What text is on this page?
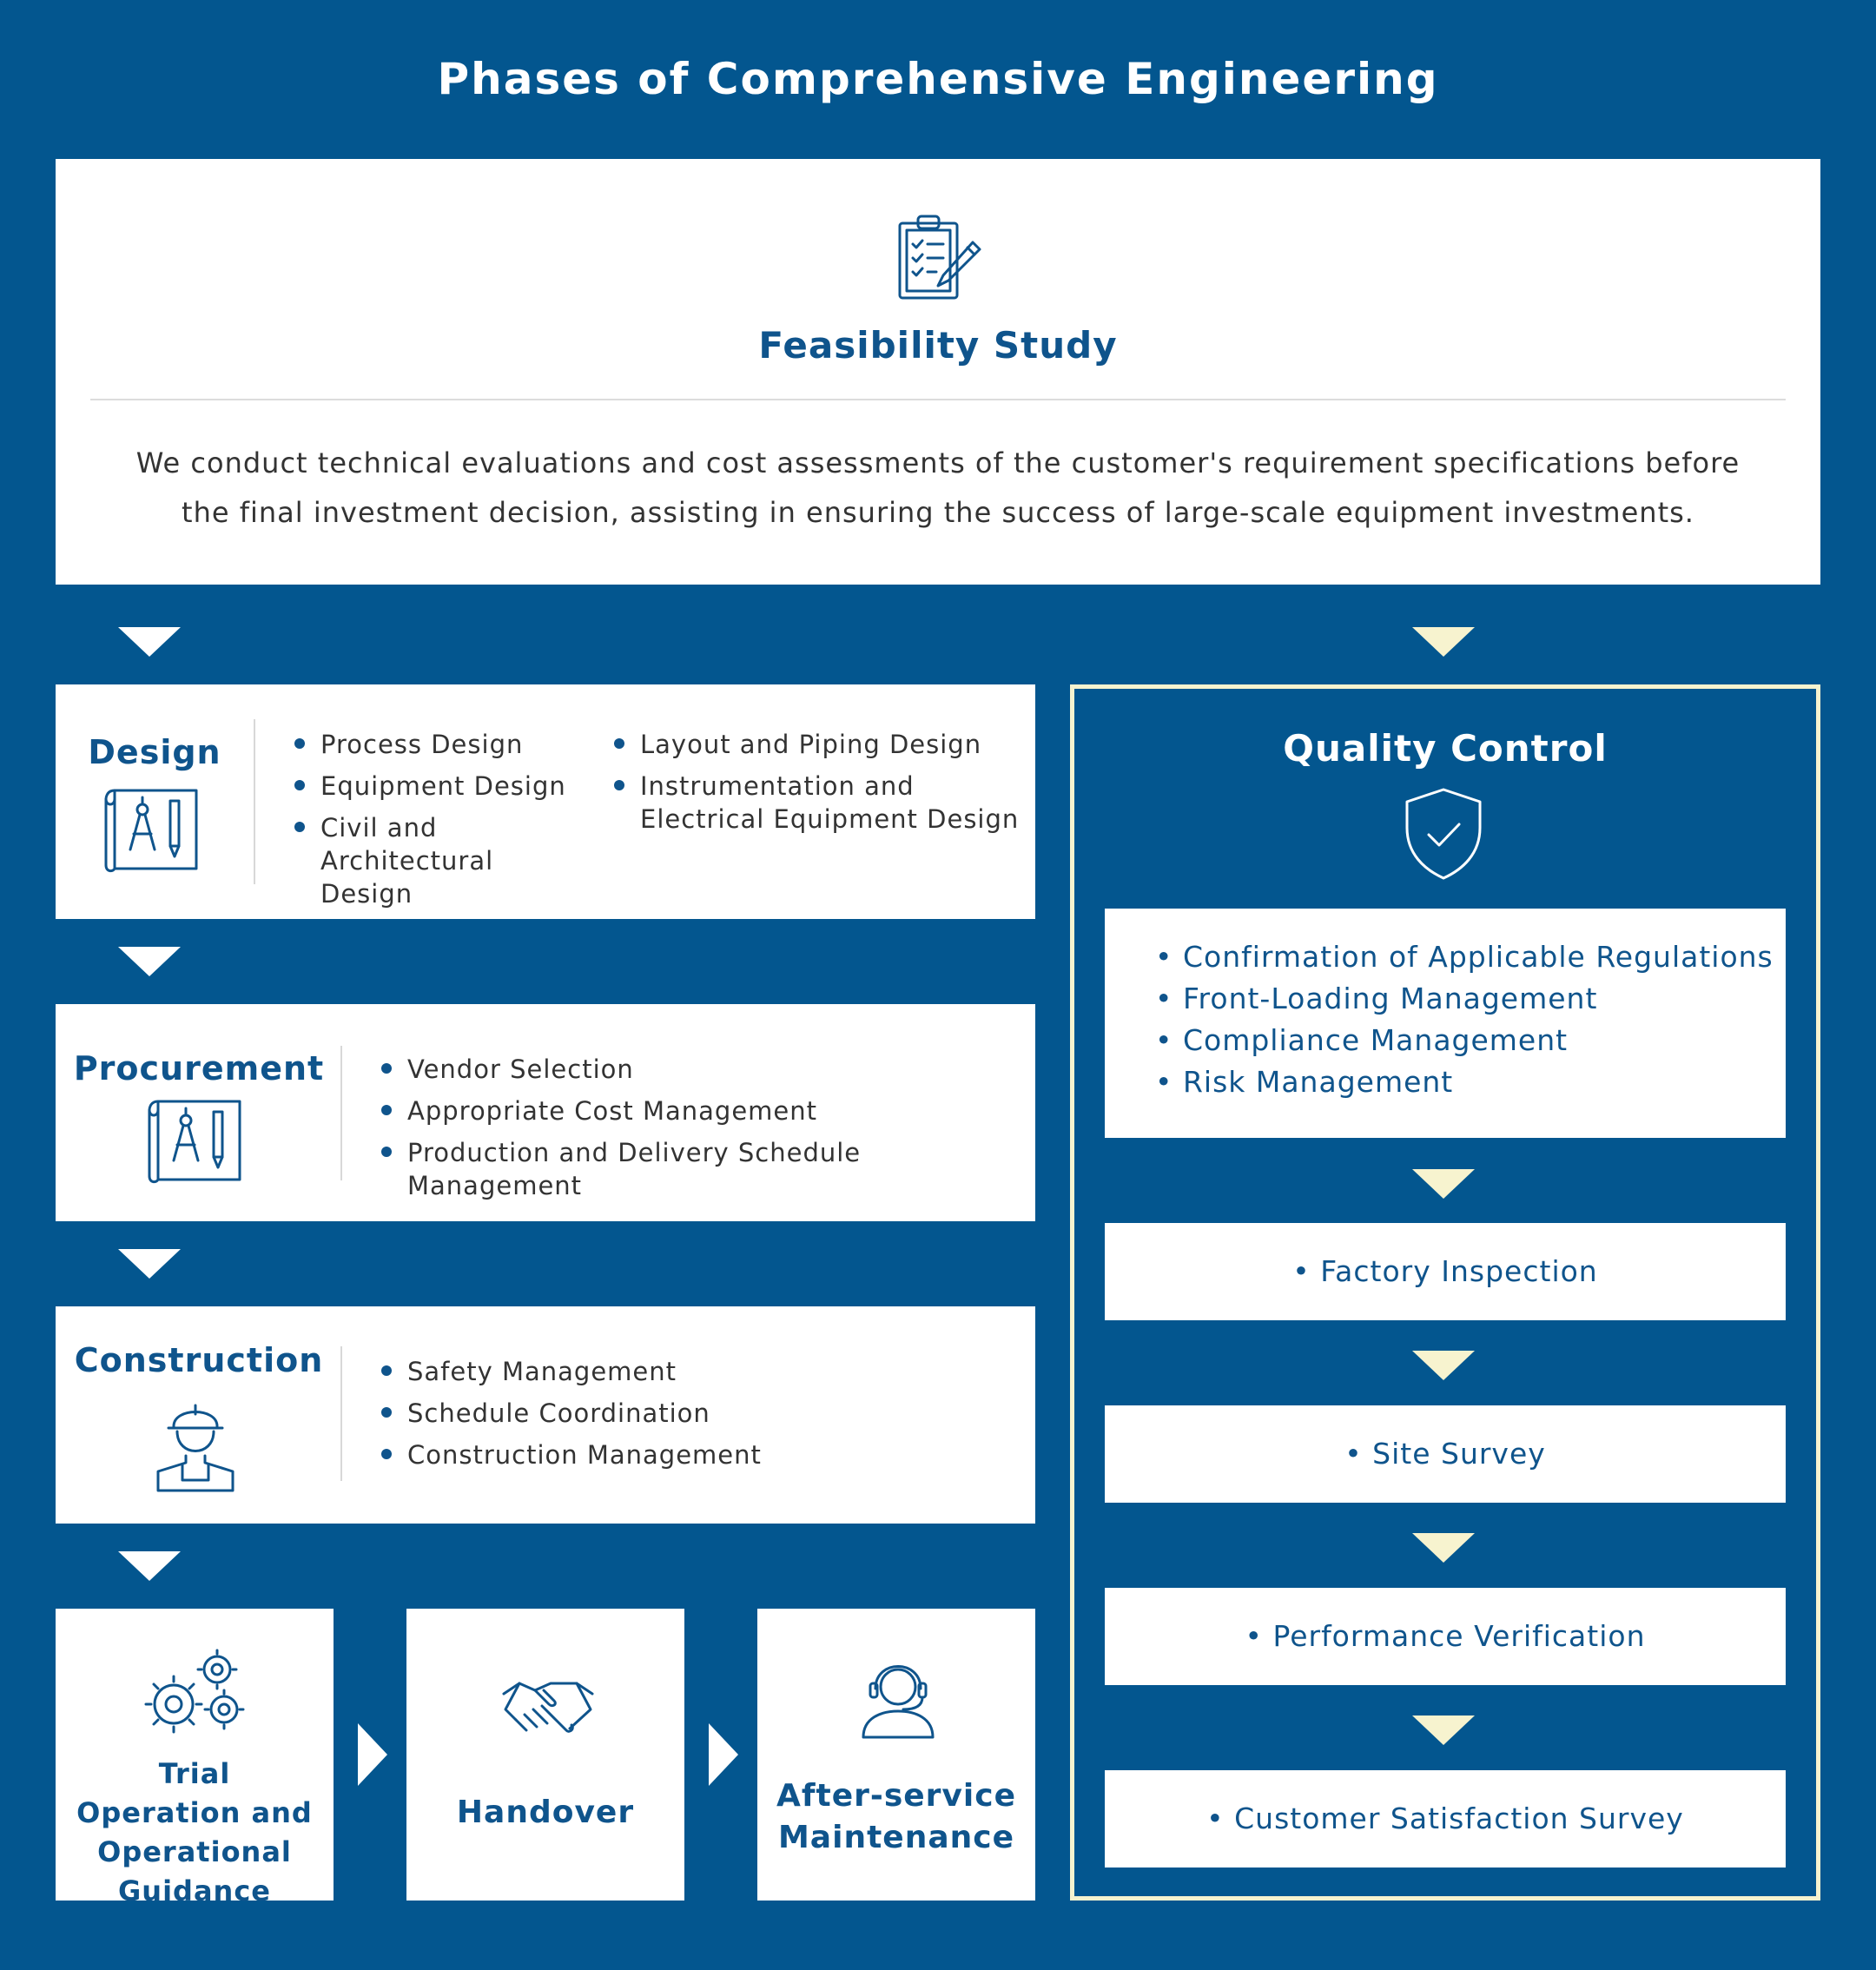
Phases of Comprehensive Engineering
Feasibility Study
We conduct technical evaluations and cost assessments of the customer's requirement specifications before the final investment decision, assisting in ensuring the success of large-scale equipment investments.
Design	Process Design
Equipment Design
Civil and Architectural Design
Layout and Piping Design
Instrumentation and Electrical Equipment Design
Procurement	Vendor Selection
Appropriate Cost Management
Production and Delivery Schedule Management
Construction	Safety Management
Schedule Coordination
Construction Management
Trial Operation and Operational Guidance
Handover	After-service Maintenance
Quality Control
• Confirmation of Applicable Regulations
• Front-Loading Management
• Compliance Management
• Risk Management
• Factory Inspection
• Site Survey
• Performance Verification
• Customer Satisfaction Survey
